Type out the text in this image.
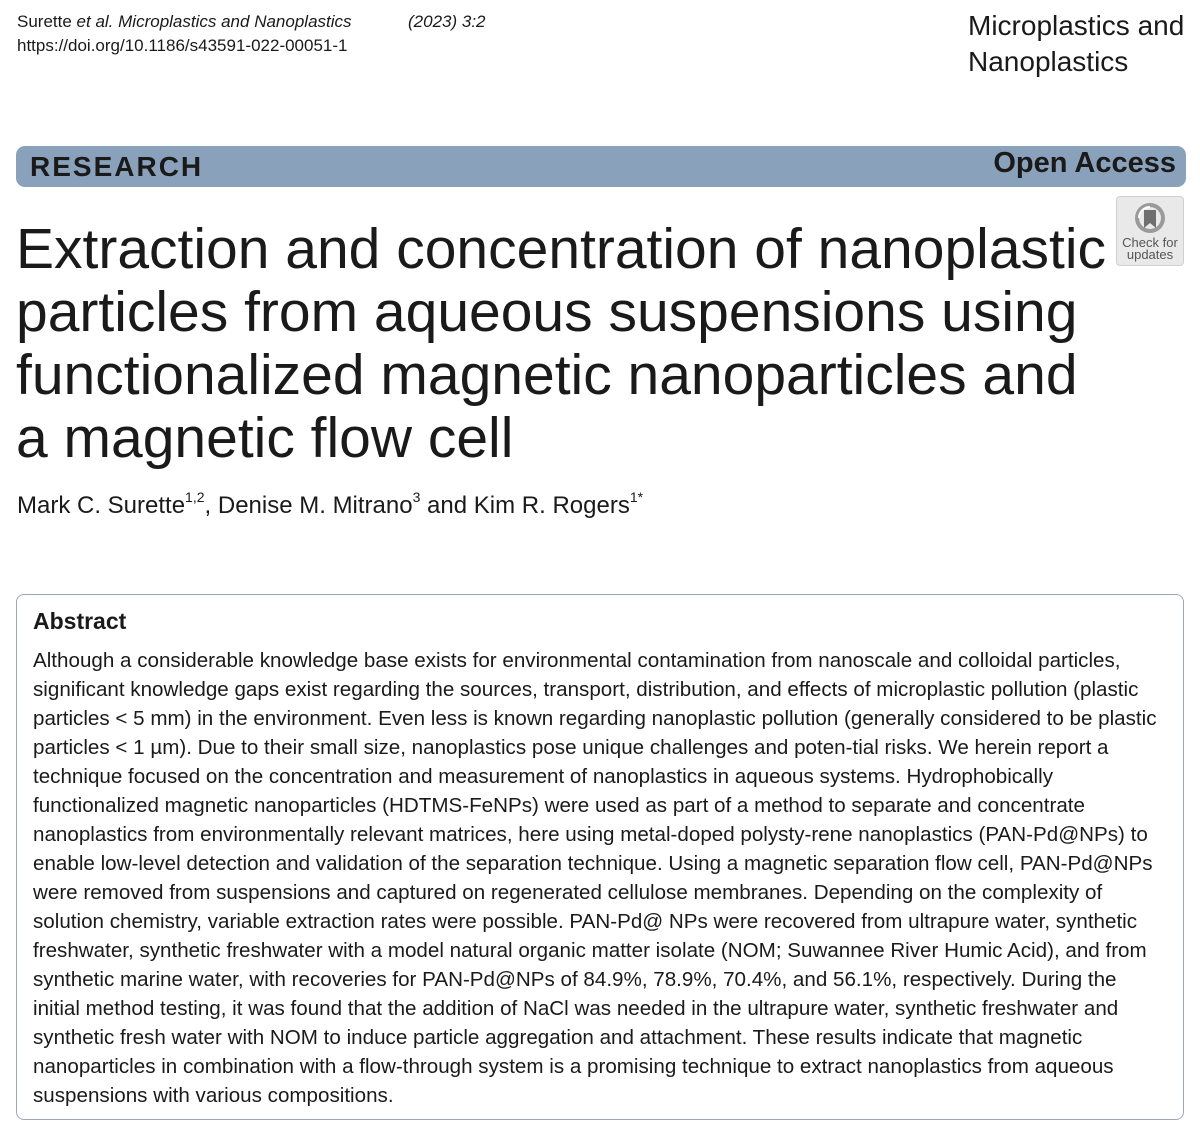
Surette et al. Microplastics and Nanoplastics	(2023) 3:2
https://doi.org/10.1186/s43591-022-00051-1
Microplastics and Nanoplastics
RESEARCH	Open Access
Check for updates
Extraction and concentration of nanoplastic particles from aqueous suspensions using functionalized magnetic nanoparticles and a magnetic flow cell
Mark C. Surette$^{1,2}$, Denise M. Mitrano$^3$ and Kim R. Rogers$^{1*}$
Abstract

Although a considerable knowledge base exists for environmental contamination from nanoscale and colloidal particles, significant knowledge gaps exist regarding the sources, transport, distribution, and effects of microplastic pollution (plastic particles < 5 mm) in the environment. Even less is known regarding nanoplastic pollution (generally considered to be plastic particles < 1 µm). Due to their small size, nanoplastics pose unique challenges and poten-tial risks. We herein report a technique focused on the concentration and measurement of nanoplastics in aqueous systems. Hydrophobically functionalized magnetic nanoparticles (HDTMS-FeNPs) were used as part of a method to separate and concentrate nanoplastics from environmentally relevant matrices, here using metal-doped polysty-rene nanoplastics (PAN-Pd@NPs) to enable low-level detection and validation of the separation technique. Using a magnetic separation flow cell, PAN-Pd@NPs were removed from suspensions and captured on regenerated cellulose membranes. Depending on the complexity of solution chemistry, variable extraction rates were possible. PAN-Pd@ NPs were recovered from ultrapure water, synthetic freshwater, synthetic freshwater with a model natural organic matter isolate (NOM; Suwannee River Humic Acid), and from synthetic marine water, with recoveries for PAN-Pd@NPs of 84.9%, 78.9%, 70.4%, and 56.1%, respectively. During the initial method testing, it was found that the addition of NaCl was needed in the ultrapure water, synthetic freshwater and synthetic fresh water with NOM to induce particle aggregation and attachment. These results indicate that magnetic nanoparticles in combination with a flow-through system is a promising technique to extract nanoplastics from aqueous suspensions with various compositions.
